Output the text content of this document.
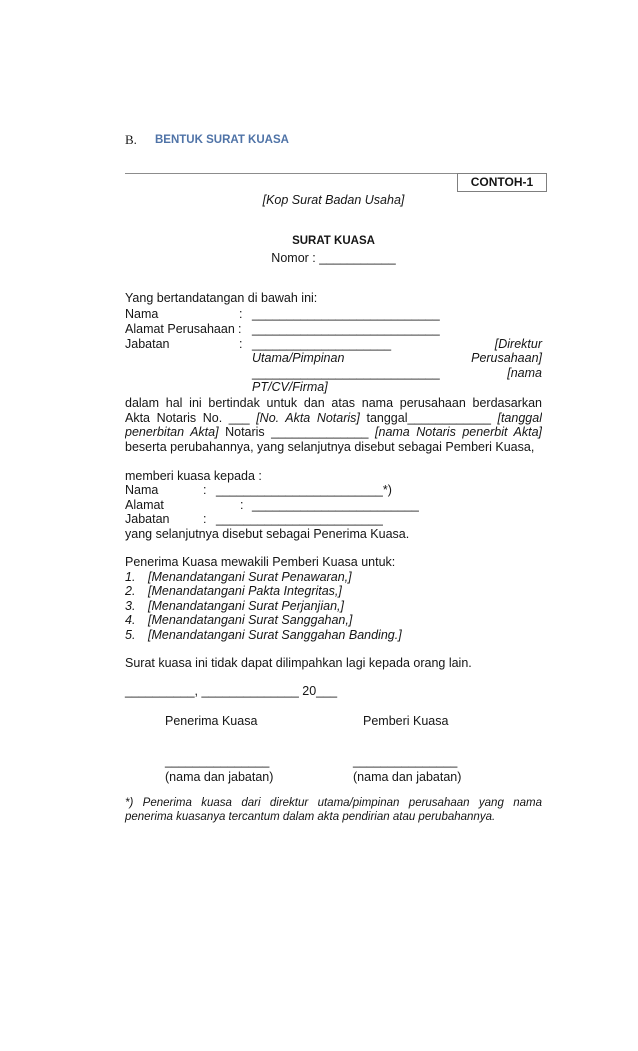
B. BENTUK SURAT KUASA
CONTOH-1
[Kop Surat Badan Usaha]
SURAT KUASA
Nomor : ___________
Yang bertandatangan di bawah ini:
Nama	: ___________________________
Alamat Perusahaan : ___________________________
Jabatan	: ____________________	[Direktur
Utama/Pimpinan	Perusahaan]
___________________________	[nama
PT/CV/Firma]
dalam hal ini bertindak untuk dan atas nama perusahaan berdasarkan
Akta Notaris No. ___ [No. Akta Notaris] tanggal____________ [tanggal
penerbitan Akta] Notaris ______________ [nama Notaris penerbit Akta]
beserta perubahannya, yang selanjutnya disebut sebagai Pemberi Kuasa,
memberi kuasa kepada :
Nama	: ________________________*)
Alamat	: ________________________
Jabatan	: ________________________
yang selanjutnya disebut sebagai Penerima Kuasa.
Penerima Kuasa mewakili Pemberi Kuasa untuk:
1. [Menandatangani Surat Penawaran,]
2. [Menandatangani Pakta Integritas,]
3. [Menandatangani Surat Perjanjian,]
4. [Menandatangani Surat Sanggahan,]
5. [Menandatangani Surat Sanggahan Banding.]
Surat kuasa ini tidak dapat dilimpahkan lagi kepada orang lain.
__________, ______________ 20___
Penerima Kuasa	Pemberi Kuasa
_______________	_______________
(nama dan jabatan)	(nama dan jabatan)
*) Penerima kuasa dari direktur utama/pimpinan perusahaan yang nama
penerima kuasanya tercantum dalam akta pendirian atau perubahannya.
